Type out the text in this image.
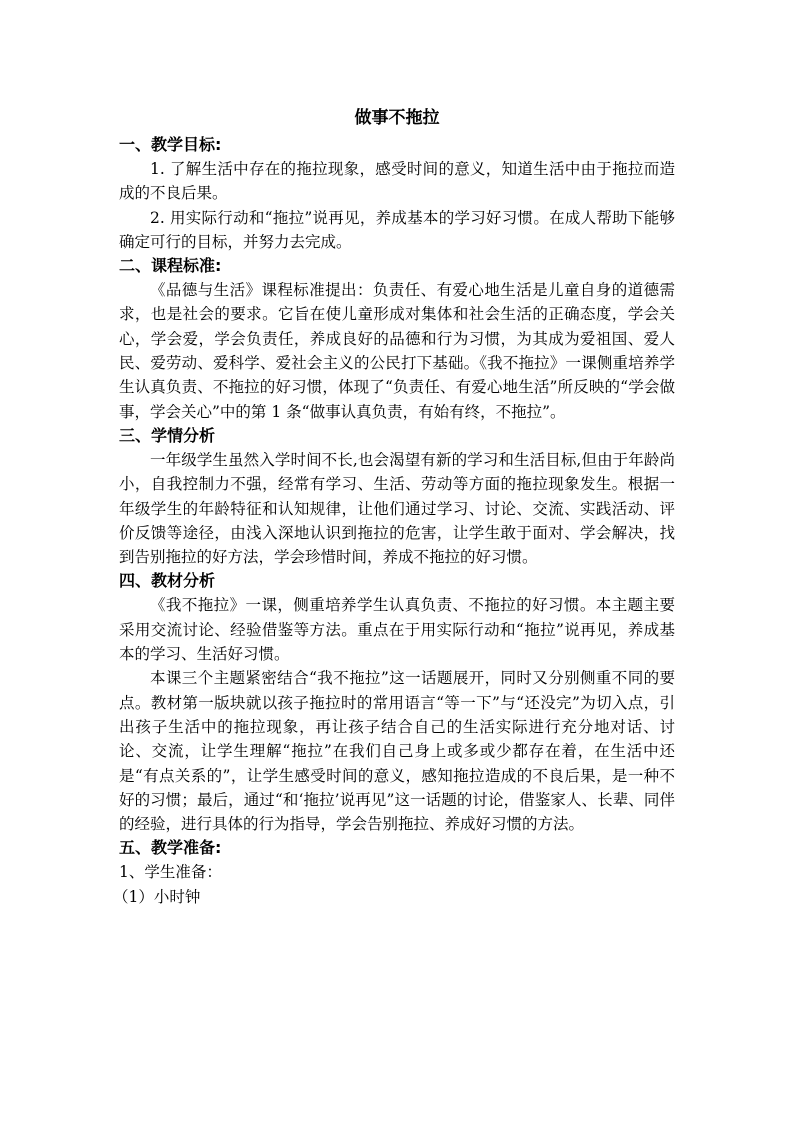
做事不拖拉
一、教学目标:

1. 了解生活中存在的拖拉现象，感受时间的意义，知道生活中由于拖拉而造成的不良后果。

2. 用实际行动和“拖拉”说再见，养成基本的学习好习惯。在成人帮助下能够确定可行的目标，并努力去完成。

二、课程标准:

《品德与生活》课程标准提出：负责任、有爱心地生活是儿童自身的道德需求，也是社会的要求。它旨在使儿童形成对集体和社会生活的正确态度，学会关心，学会爱，学会负责任，养成良好的品德和行为习惯，为其成为爱祖国、爱人民、爱劳动、爱科学、爱社会主义的公民打下基础。《我不拖拉》一课侧重培养学生认真负责、不拖拉的好习惯，体现了“负责任、有爱心地生活”所反映的“学会做事，学会关心”中的第 1 条“做事认真负责，有始有终，不拖拉”。

三、学情分析

一年级学生虽然入学时间不长,也会渴望有新的学习和生活目标,但由于年龄尚小，自我控制力不强，经常有学习、生活、劳动等方面的拖拉现象发生。根据一年级学生的年龄特征和认知规律，让他们通过学习、讨论、交流、实践活动、评价反馈等途径，由浅入深地认识到拖拉的危害，让学生敢于面对、学会解决，找到告别拖拉的好方法，学会珍惜时间，养成不拖拉的好习惯。

四、教材分析

《我不拖拉》一课，侧重培养学生认真负责、不拖拉的好习惯。本主题主要采用交流讨论、经验借鉴等方法。重点在于用实际行动和“拖拉”说再见，养成基本的学习、生活好习惯。

本课三个主题紧密结合“我不拖拉”这一话题展开，同时又分别侧重不同的要点。教材第一版块就以孩子拖拉时的常用语言“等一下”与“还没完”为切入点，引出孩子生活中的拖拉现象，再让孩子结合自己的生活实际进行充分地对话、讨论、交流，让学生理解“拖拉”在我们自己身上或多或少都存在着，在生活中还是“有点关系的”，让学生感受时间的意义，感知拖拉造成的不良后果，是一种不好的习惯；最后，通过“和‘拖拉’说再见”这一话题的讨论，借鉴家人、长辈、同伴的经验，进行具体的行为指导，学会告别拖拉、养成好习惯的方法。

五、教学准备:

1、学生准备：

（1）小时钟
